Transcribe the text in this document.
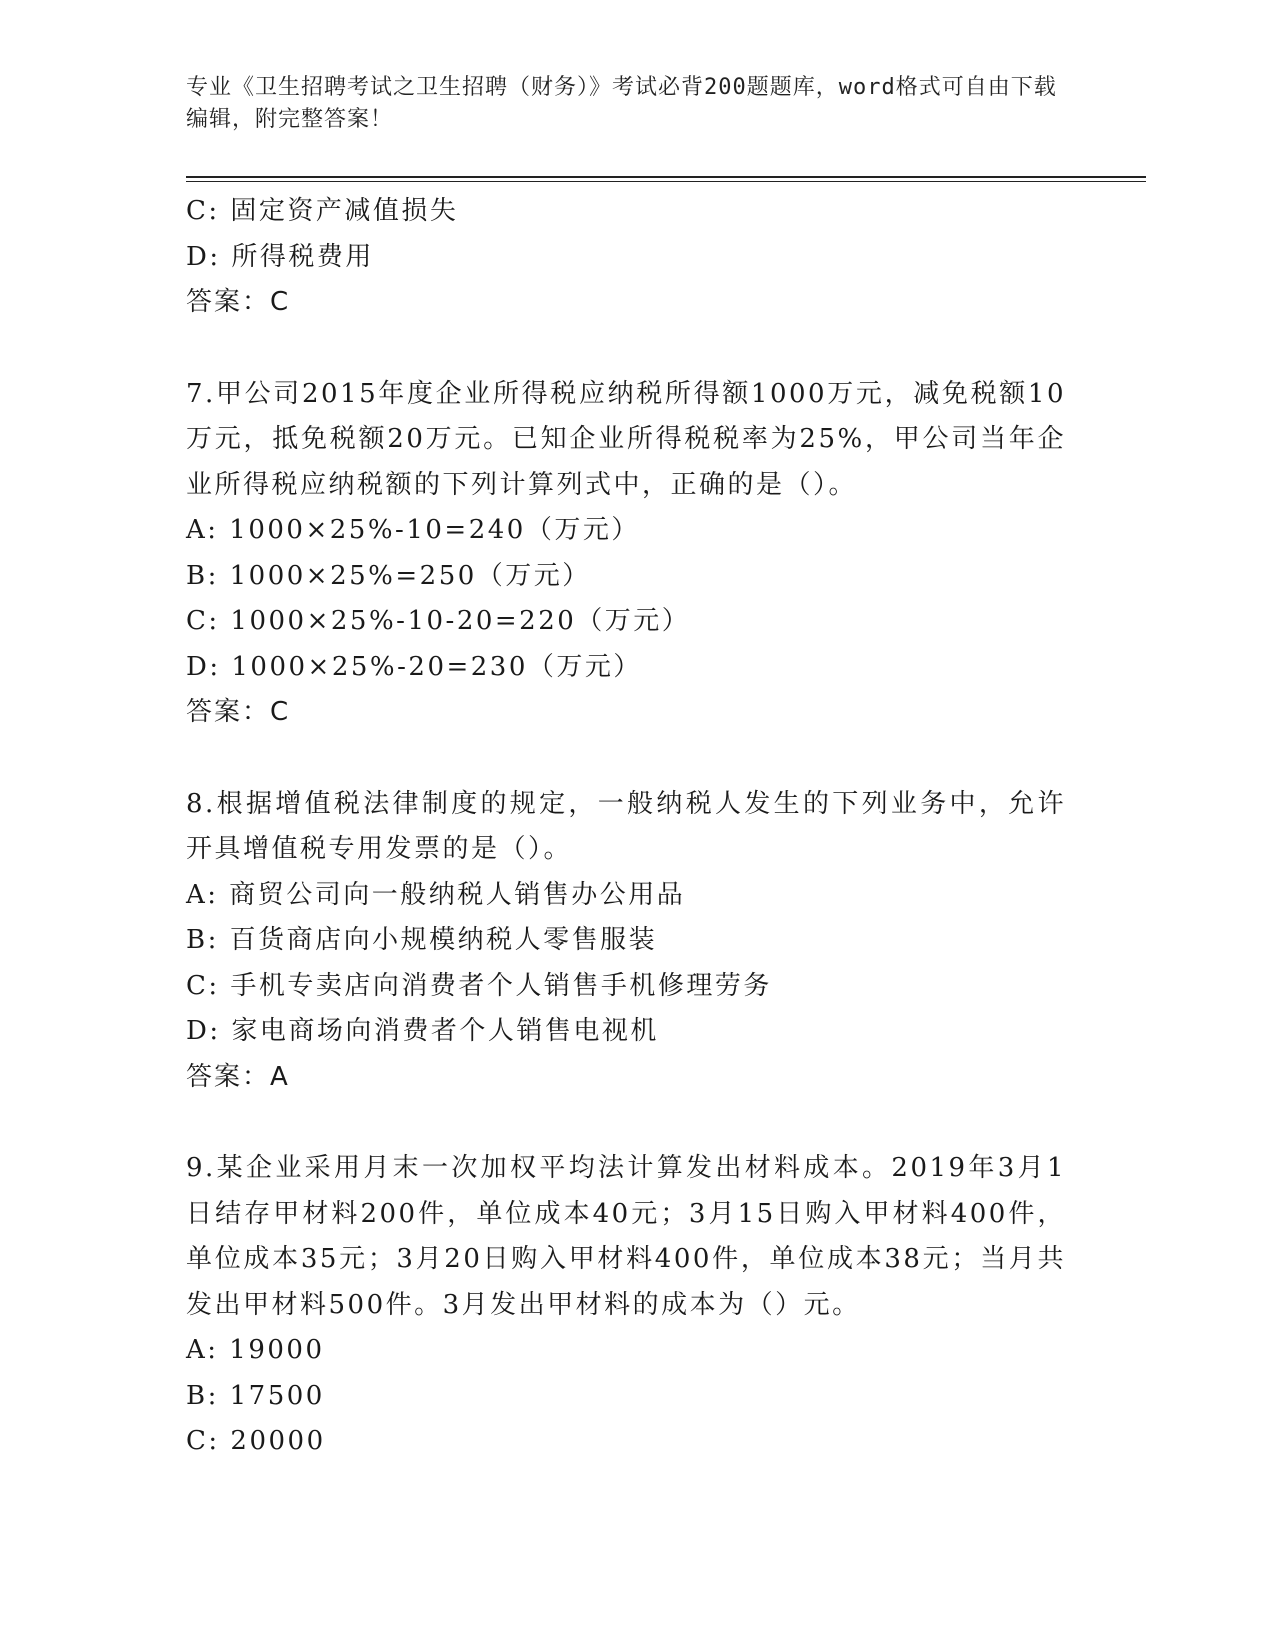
专业《卫生招聘考试之卫生招聘（财务）》考试必背200题题库，word格式可自由下载编辑，附完整答案！
C: 固定资产减值损失
D: 所得税费用
答案：C
7.甲公司2015年度企业所得税应纳税所得额1000万元，减免税额10万元，抵免税额20万元。已知企业所得税税率为25%，甲公司当年企业所得税应纳税额的下列计算列式中，正确的是（）。
A: 1000×25%-10=240（万元）
B: 1000×25%=250（万元）
C: 1000×25%-10-20=220（万元）
D: 1000×25%-20=230（万元）
答案：C
8.根据增值税法律制度的规定，一般纳税人发生的下列业务中，允许开具增值税专用发票的是（）。
A: 商贸公司向一般纳税人销售办公用品
B: 百货商店向小规模纳税人零售服装
C: 手机专卖店向消费者个人销售手机修理劳务
D: 家电商场向消费者个人销售电视机
答案：A
9.某企业采用月末一次加权平均法计算发出材料成本。2019年3月1日结存甲材料200件，单位成本40元；3月15日购入甲材料400件，单位成本35元；3月20日购入甲材料400件，单位成本38元；当月共发出甲材料500件。3月发出甲材料的成本为（）元。
A: 19000
B: 17500
C: 20000
